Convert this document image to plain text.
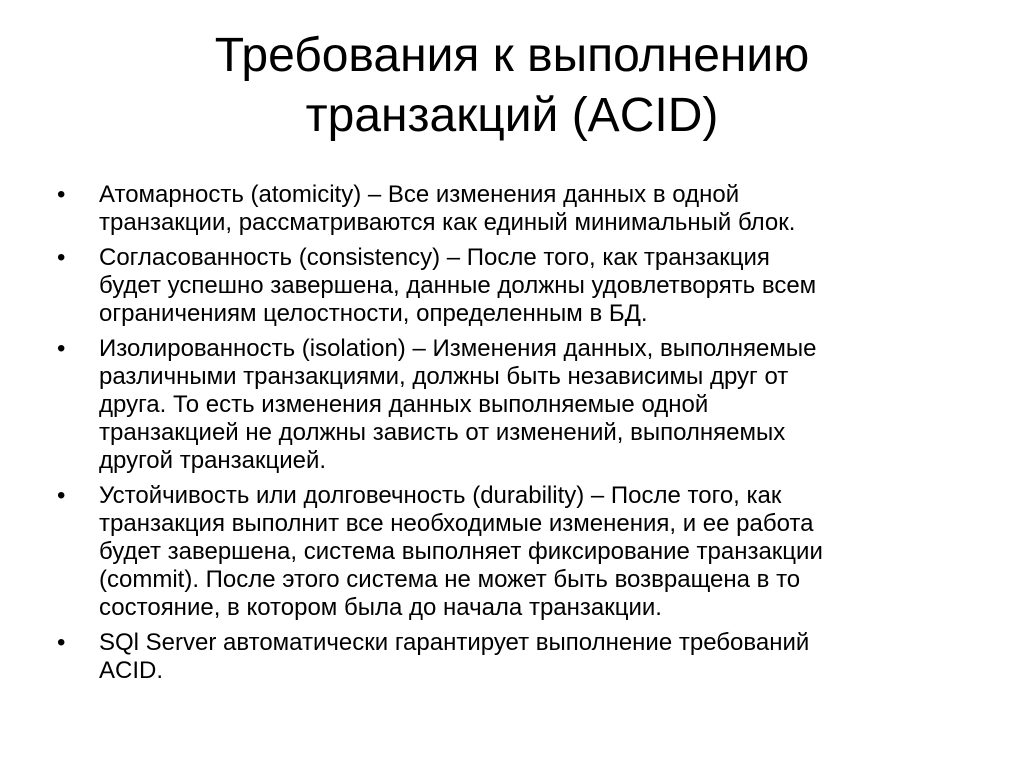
Требования к выполнению
транзакций (ACID)
•	Атомарность (atomicity) – Все изменения данных в одной
транзакции, рассматриваются как единый минимальный блок.
•	Согласованность (consistency) – После того, как транзакция
будет успешно завершена, данные должны удовлетворять всем
ограничениям целостности, определенным в БД.
•	Изолированность (isolation) – Изменения данных, выполняемые
различными транзакциями, должны быть независимы друг от
друга. То есть изменения данных выполняемые одной
транзакцией не должны зависть от изменений, выполняемых
другой транзакцией.
•	Устойчивость или долговечность (durability) – После того, как
транзакция выполнит все необходимые изменения, и ее работа
будет завершена, система выполняет фиксирование транзакции
(commit). После этого система не может быть возвращена в то
состояние, в котором была до начала транзакции.
•	SQl Server автоматически гарантирует выполнение требований
ACID.
